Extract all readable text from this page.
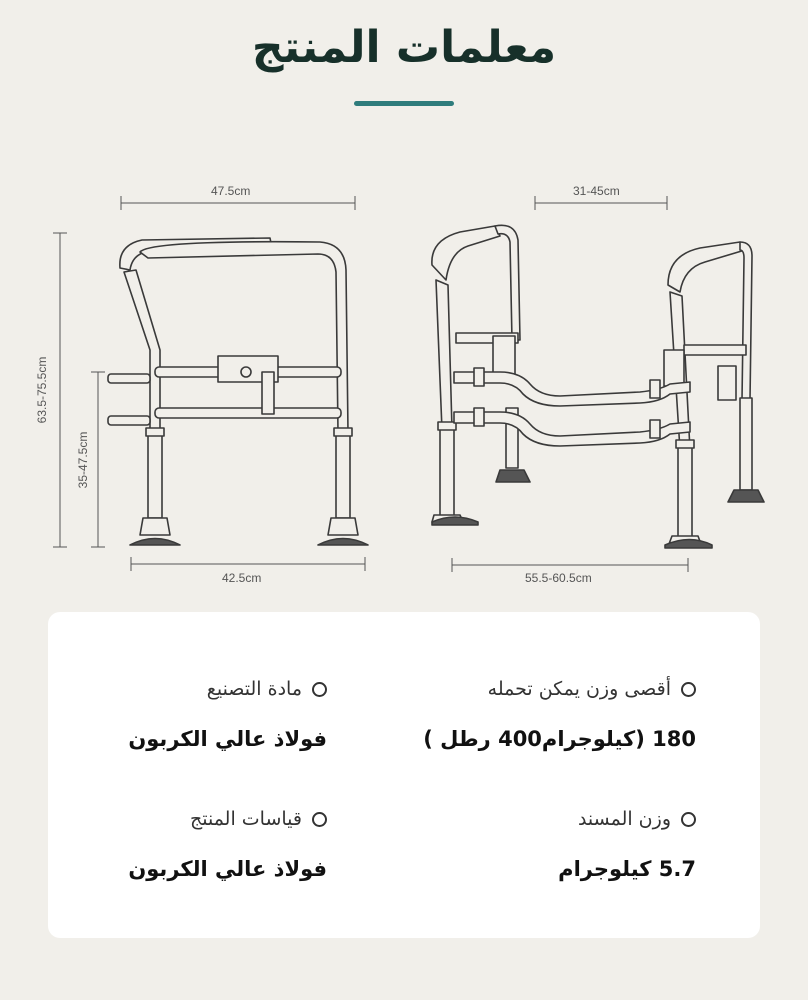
معلمات المنتج
47.5cm
42.5cm
63.5-75.5cm
35-47.5cm
31-45cm
55.5-60.5cm
أقصى وزن يمكن تحمله
180 (كيلوجرام400 رطل )
مادة التصنيع
فولاذ عالي الكربون
وزن المسند
5.7 كيلوجرام
قياسات المنتج
فولاذ عالي الكربون
